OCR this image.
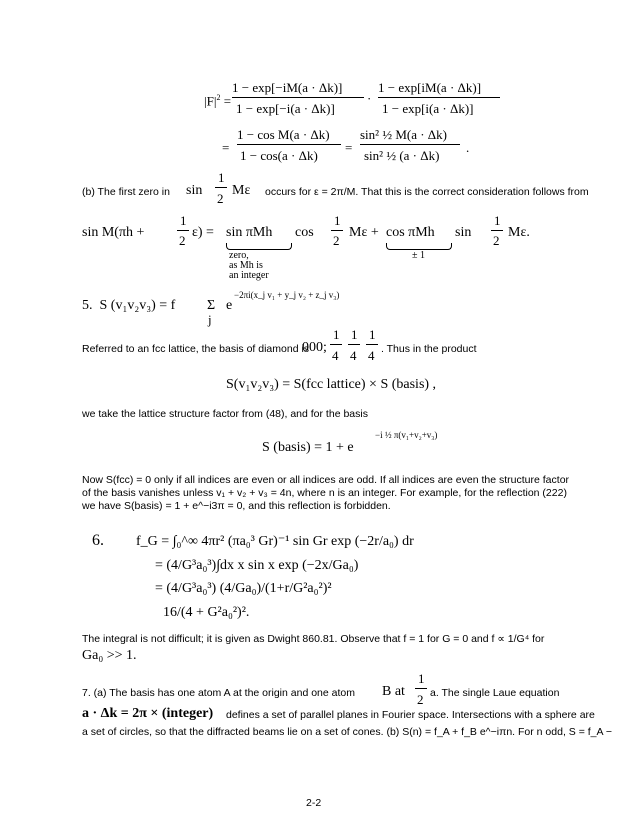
$|F|^2$ =
1 − exp[−iM(a · Δk)]
1 − exp[−i(a · Δk)]
·
1 − exp[iM(a · Δk)]
1 − exp[i(a · Δk)]
=
1 − cos M(a · Δk)
1 − cos(a · Δk)
=
sin² ½ M(a · Δk)
sin² ½ (a · Δk)
.
(b) The first zero in sin
1
2
Mε occurs for ε = 2π/M. That this is the correct consideration follows from
sin M(πh +
1
2
ε) = sin πMh cos
1
2
Mε + cos πMh sin
1
2
Mε.
zero,
as Mh is
an integer
± 1
5. S (v₁v₂v₃) = f Σ
j
e
−2πi(x_j v₁ + y_j v₂ + z_j v₃)
Referred to an fcc lattice, the basis of diamond is
000;
1
4
1
4
1
4 . Thus in the product
S(v₁v₂v₃) = S(fcc lattice) × S (basis) ,
we take the lattice structure factor from (48), and for the basis
S (basis) = 1 + e
−i ½ π(v₁+v₂+v₃)
Now S(fcc) = 0 only if all indices are even or all indices are odd. If all indices are even the structure factor
of the basis vanishes unless v₁ + v₂ + v₃ = 4n, where n is an integer. For example, for the reflection (222)
we have S(basis) = 1 + e^−i3π = 0, and this reflection is forbidden.
6. f_G = ∫₀^∞ 4πr² (πa₀³ Gr)⁻¹ sin Gr exp (−2r/a₀) dr
= (4/G³a₀³)∫dx x sin x exp (−2x/Ga₀)
= (4/G³a₀³) (4/Ga₀)/(1+r/G²a₀²)²
16/(4 + G²a₀²)².
The integral is not difficult; it is given as Dwight 860.81. Observe that f = 1 for G = 0 and f ∝ 1/G⁴ for
Ga₀ >> 1.
7. (a) The basis has one atom A at the origin and one atom B at
1
2 a. The single Laue equation
a · Δk = 2π × (integer) defines a set of parallel planes in Fourier space. Intersections with a sphere are
a set of circles, so that the diffracted beams lie on a set of cones. (b) S(n) = f_A + f_B e^−iπn. For n odd, S = f_A −
2-2
